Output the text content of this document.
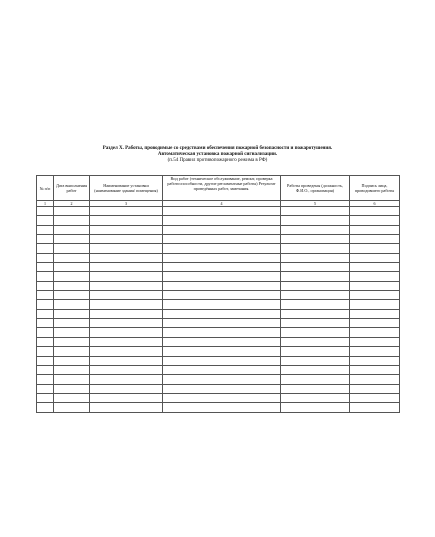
Раздел X. Работы, проводимые со средствами обеспечения пожарной безопасности и пожаротушения.
Автоматическая установка пожарной сигнализации.
(п.54 Правил противопожарного режима в РФ)
№ п/п	Дата выполнения работ	Наименование установки (наименование здания/ помещения)	Вид работ (техническое обслуживание, ремонт, проверка работоспособности, другие регламентные работы) Результат проведённых работ, замечания.	Работы проведены (должность, Ф.И.О., организация)	Подпись лица, проводившего работы
1	2	3	4	5	6
